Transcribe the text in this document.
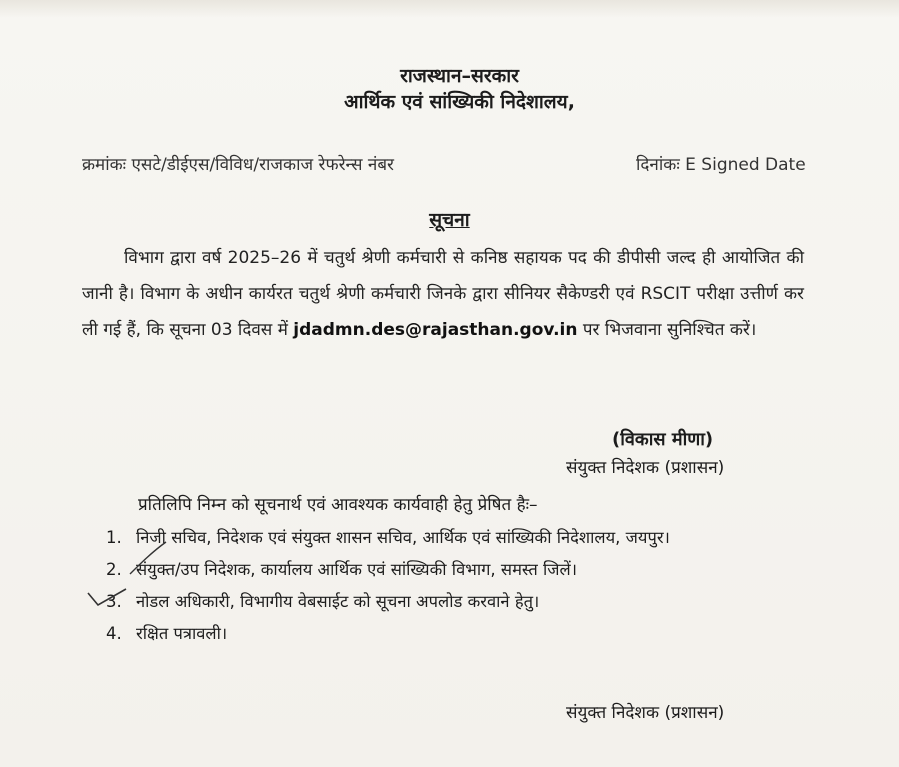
राजस्थान–सरकार
आर्थिक एवं सांख्यिकी निदेशालय,
क्रमांकः एसटे/डीईएस/विविध/राजकाज रेफरेन्स नंबर	दिनांकः E Signed Date
सूचना
विभाग द्वारा वर्ष 2025–26 में चतुर्थ श्रेणी कर्मचारी से कनिष्ठ सहायक पद की डीपीसी जल्द ही आयोजित की जानी है। विभाग के अधीन कार्यरत चतुर्थ श्रेणी कर्मचारी जिनके द्वारा सीनियर सैकेण्डरी एवं RSCIT परीक्षा उत्तीर्ण कर ली गई हैं, कि सूचना 03 दिवस में jdadmn.des@rajasthan.gov.in पर भिजवाना सुनिश्चित करें।
(विकास मीणा)
संयुक्त निदेशक (प्रशासन)
प्रतिलिपि निम्न को सूचनार्थ एवं आवश्यक कार्यवाही हेतु प्रेषित हैः–
1. निजी सचिव, निदेशक एवं संयुक्त शासन सचिव, आर्थिक एवं सांख्यिकी निदेशालय, जयपुर।
2. संयुक्त/उप निदेशक, कार्यालय आर्थिक एवं सांख्यिकी विभाग, समस्त जिलें।
3. नोडल अधिकारी, विभागीय वेबसाईट को सूचना अपलोड करवाने हेतु।
4. रक्षित पत्रावली।
संयुक्त निदेशक (प्रशासन)
